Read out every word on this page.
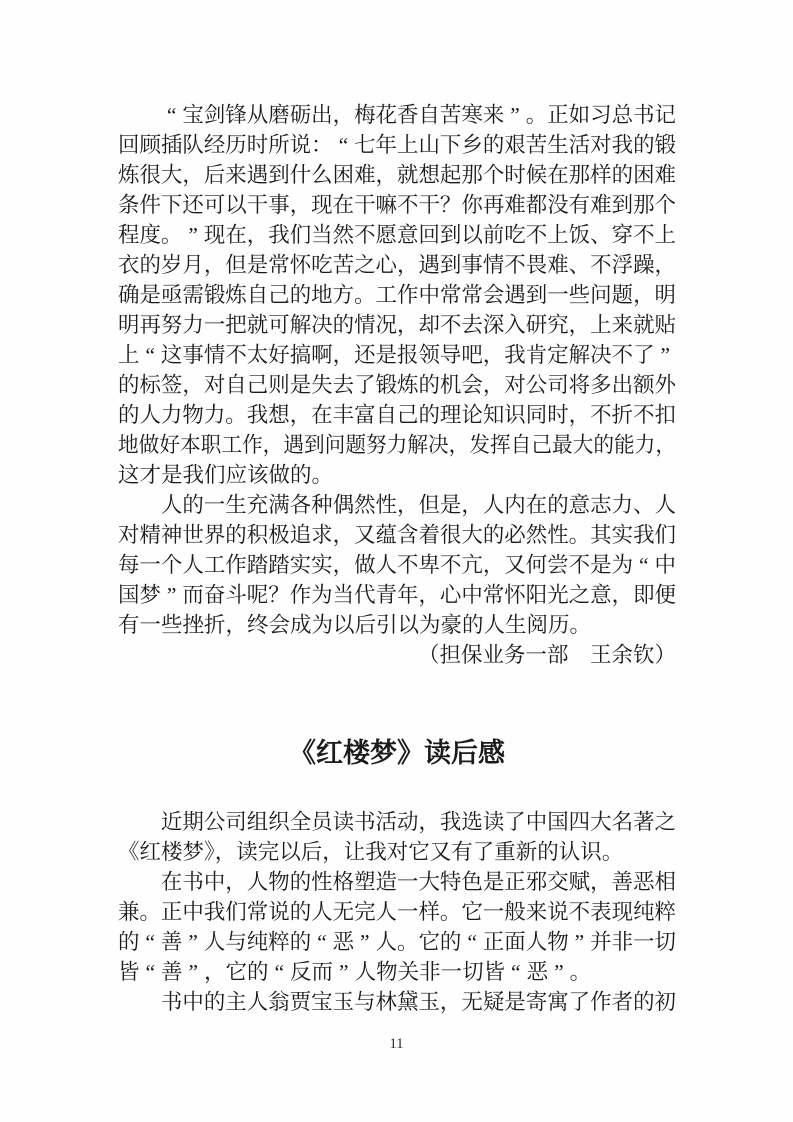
　　“ 宝剑锋从磨砺出，梅花香自苦寒来 ” 。正如习总书记
回顾插队经历时所说： “ 七年上山下乡的艰苦生活对我的锻
炼很大，后来遇到什么困难，就想起那个时候在那样的困难
条件下还可以干事，现在干嘛不干？你再难都没有难到那个
程度。 ” 现在，我们当然不愿意回到以前吃不上饭、穿不上
衣的岁月，但是常怀吃苦之心，遇到事情不畏难、不浮躁，
确是亟需锻炼自己的地方。工作中常常会遇到一些问题，明
明再努力一把就可解决的情况，却不去深入研究，上来就贴
上 “ 这事情不太好搞啊，还是报领导吧，我肯定解决不了 ”
的标签，对自己则是失去了锻炼的机会，对公司将多出额外
的人力物力。我想，在丰富自己的理论知识同时，不折不扣
地做好本职工作，遇到问题努力解决，发挥自己最大的能力，
这才是我们应该做的。
　　人的一生充满各种偶然性，但是，人内在的意志力、人
对精神世界的积极追求，又蕴含着很大的必然性。其实我们
每一个人工作踏踏实实，做人不卑不亢，又何尝不是为 “ 中
国梦 ” 而奋斗呢？作为当代青年，心中常怀阳光之意，即便
有一些挫折，终会成为以后引以为豪的人生阅历。
（担保业务一部　王余钦）
《红楼梦》读后感
　　近期公司组织全员读书活动，我选读了中国四大名著之
《红楼梦》，读完以后，让我对它又有了重新的认识。
　　在书中，人物的性格塑造一大特色是正邪交赋，善恶相
兼。正中我们常说的人无完人一样。它一般来说不表现纯粹
的 “ 善 ” 人与纯粹的 “ 恶 ” 人。它的 “ 正面人物 ” 并非一切
皆 “ 善 ” ，它的 “ 反而 ” 人物关非一切皆 “ 恶 ” 。
　　书中的主人翁贾宝玉与林黛玉，无疑是寄寓了作者的初
11
